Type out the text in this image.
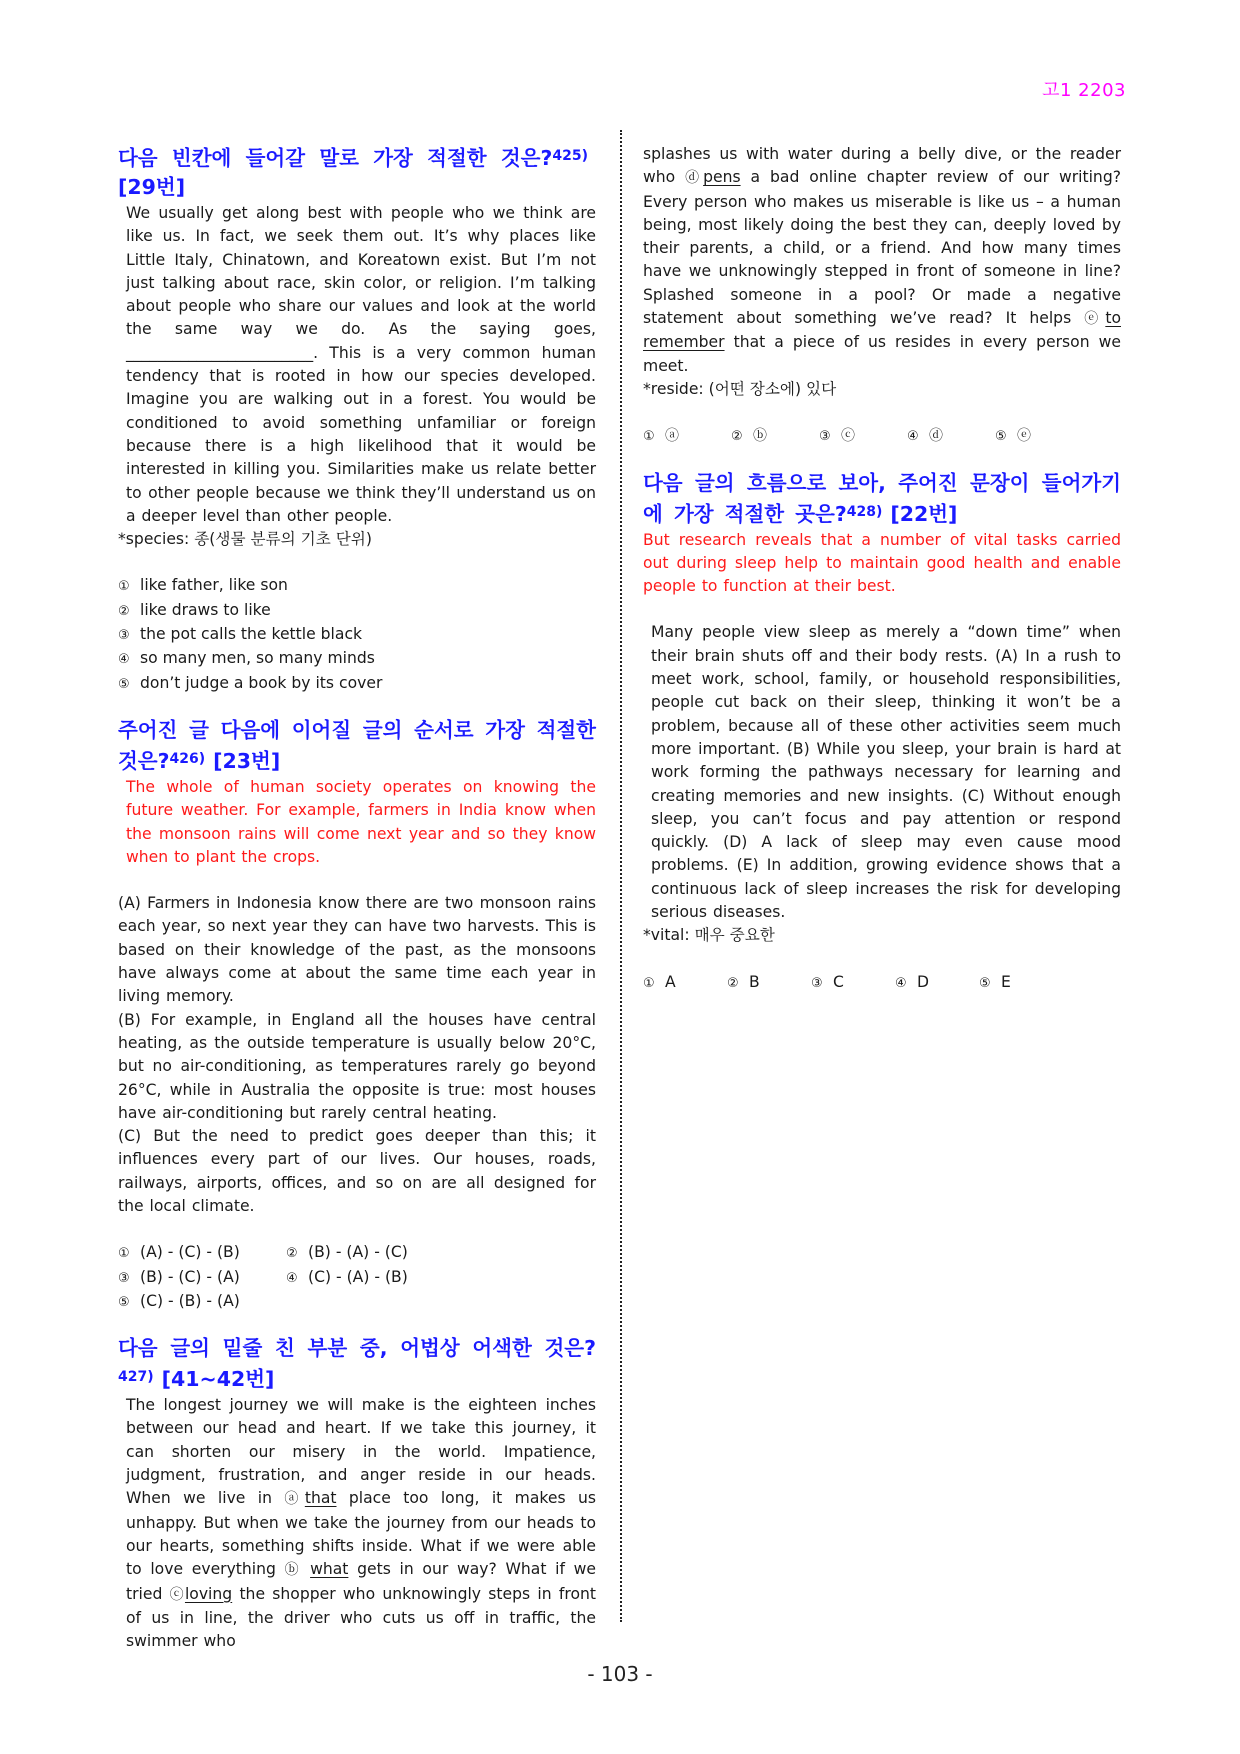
고1 2203
다음 빈칸에 들어갈 말로 가장 적절한 것은?$^{425)}$[29번]

We usually get along best with people who we think are like us. In fact, we seek them out. It’s why places like Little Italy, Chinatown, and Koreatown exist. But I’m not just talking about race, skin color, or religion. I’m talking about people who share our values and look at the world the same way we do. As the saying goes, ________________________. This is a very common human tendency that is rooted in how our species developed. Imagine you are walking out in a forest. You would be conditioned to avoid something unfamiliar or foreign because there is a high likelihood that it would be interested in killing you. Similarities make us relate better to other people because we think they’ll understand us on a deeper level than other people.

*species: 종(생물 분류의 기초 단위)

① like father, like son
② like draws to like
③ the pot calls the kettle black
④ so many men, so many minds
⑤ don’t judge a book by its cover
주어진 글 다음에 이어질 글의 순서로 가장 적절한 것은?$^{426)}$ [23번]

The whole of human society operates on knowing the future weather. For example, farmers in India know when the monsoon rains will come next year and so they know when to plant the crops.

(A) Farmers in Indonesia know there are two monsoon rains each year, so next year they can have two harvests. This is based on their knowledge of the past, as the monsoons have always come at about the same time each year in living memory.

(B) For example, in England all the houses have central heating, as the outside temperature is usually below 20°C, but no air-conditioning, as temperatures rarely go beyond 26°C, while in Australia the opposite is true: most houses have air-conditioning but rarely central heating.

(C) But the need to predict goes deeper than this; it influences every part of our lives. Our houses, roads, railways, airports, offices, and so on are all designed for the local climate.

① (A) - (C) - (B)	② (B) - (A) - (C)
③ (B) - (C) - (A)	④ (C) - (A) - (B)
⑤ (C) - (B) - (A)
다음 글의 밑줄 친 부분 중, 어법상 어색한 것은?$^{427)}$ [41~42번]

The longest journey we will make is the eighteen inches between our head and heart. If we take this journey, it can shorten our misery in the world. Impatience, judgment, frustration, and anger reside in our heads. When we live in ⓐthat place too long, it makes us unhappy. But when we take the journey from our heads to our hearts, something shifts inside. What if we were able to love everything ⓑ what gets in our way? What if we tried ⓒloving the shopper who unknowingly steps in front of us in line, the driver who cuts us off in traffic, the swimmer who

splashes us with water during a belly dive, or the reader who ⓓpens a bad online chapter review of our writing? Every person who makes us miserable is like us – a human being, most likely doing the best they can, deeply loved by their parents, a child, or a friend. And how many times have we unknowingly stepped in front of someone in line? Splashed someone in a pool? Or made a negative statement about something we’ve read? It helps ⓔto remember that a piece of us resides in every person we meet.

*reside: (어떤 장소에) 있다

① ⓐ	② ⓑ	③ ⓒ	④ ⓓ	⑤ ⓔ
다음 글의 흐름으로 보아, 주어진 문장이 들어가기에 가장 적절한 곳은?$^{428)}$ [22번]

But research reveals that a number of vital tasks carried out during sleep help to maintain good health and enable people to function at their best.

Many people view sleep as merely a “down time” when their brain shuts off and their body rests. (A) In a rush to meet work, school, family, or household responsibilities, people cut back on their sleep, thinking it won’t be a problem, because all of these other activities seem much more important. (B) While you sleep, your brain is hard at work forming the pathways necessary for learning and creating memories and new insights. (C) Without enough sleep, you can’t focus and pay attention or respond quickly. (D) A lack of sleep may even cause mood problems. (E) In addition, growing evidence shows that a continuous lack of sleep increases the risk for developing serious diseases.

*vital: 매우 중요한

① A	② B	③ C	④ D	⑤ E
- 103 -
